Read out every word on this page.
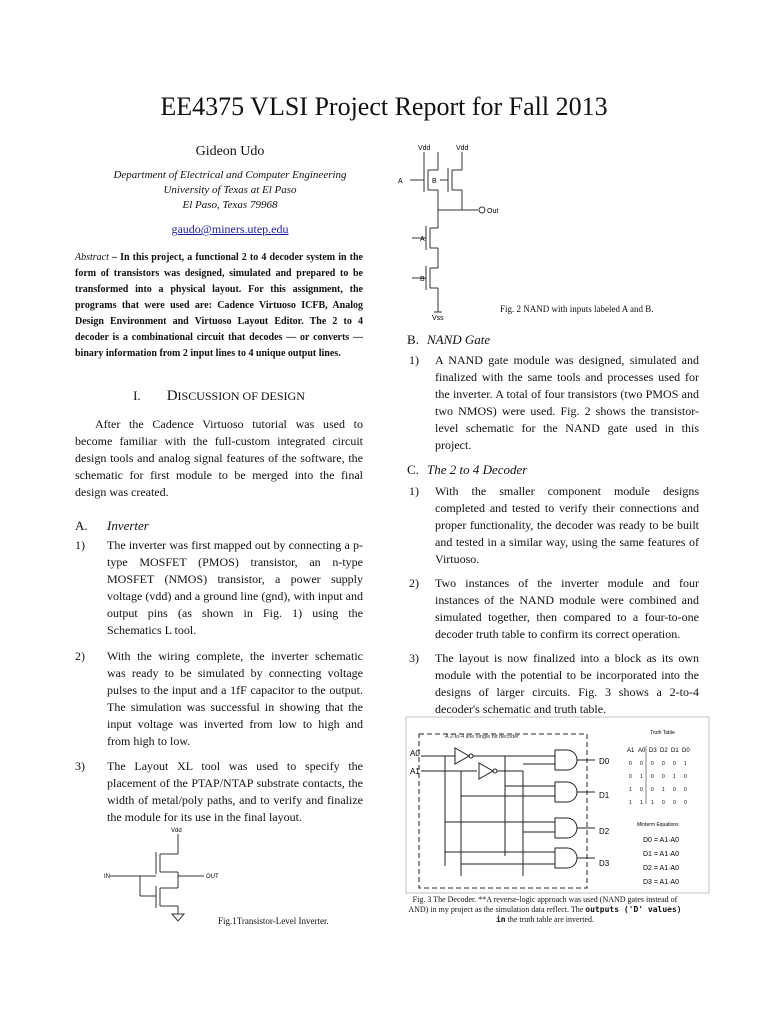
EE4375 VLSI Project Report for Fall 2013
Gideon Udo
Department of Electrical and Computer Engineering
University of Texas at El Paso
El Paso, Texas 79968
gaudo@miners.utep.edu
Abstract – In this project, a functional 2 to 4 decoder system in the form of transistors was designed, simulated and prepared to be transformed into a physical layout. For this assignment, the programs that were used are: Cadence Virtuoso ICFB, Analog Design Environment and Virtuoso Layout Editor. The 2 to 4 decoder is a combinational circuit that decodes — or converts — binary information from 2 input lines to 4 unique output lines.
I. DISCUSSION OF DESIGN
After the Cadence Virtuoso tutorial was used to become familiar with the full-custom integrated circuit design tools and analog signal features of the software, the schematic for first module to be merged into the final design was created.
A. Inverter
1) The inverter was first mapped out by connecting a p-type MOSFET (PMOS) transistor, an n-type MOSFET (NMOS) transistor, a power supply voltage (vdd) and a ground line (gnd), with input and output pins (as shown in Fig. 1) using the Schematics L tool.
2) With the wiring complete, the inverter schematic was ready to be simulated by connecting voltage pulses to the input and a 1fF capacitor to the output. The simulation was successful in showing that the input voltage was inverted from low to high and from high to low.
3) The Layout XL tool was used to specify the placement of the PTAP/NTAP substrate contacts, the width of metal/poly paths, and to verify and finalize the module for its use in the final layout.
Vdd
IN	OUT
Fig.1Transistor-Level Inverter.
Vdd	Vdd
A	B
Out
A
B
Vss
Fig. 2 NAND with inputs labeled A and B.
B. NAND Gate
1) A NAND gate module was designed, simulated and finalized with the same tools and processes used for the inverter. A total of four transistors (two PMOS and two NMOS) were used. Fig. 2 shows the transistor-level schematic for the NAND gate used in this project.
C. The 2 to 4 Decoder
1) With the smaller component module designs completed and tested to verify their connections and proper functionality, the decoder was ready to be built and tested in a similar way, using the same features of Virtuoso.
2) Two instances of the inverter module and four instances of the NAND module were combined and simulated together, then compared to a four-to-one decoder truth table to confirm its correct operation.
3) The layout is now finalized into a block as its own module with the potential to be incorporated into the designs of larger circuits. Fig. 3 shows a 2-to-4 decoder's schematic and truth table.
A 2-to-4 line single bit decoder
A0
A1
D0
D1
D2
D3
Truth Table
A1 A0 D3 D2 D1 D0
0 0 0 0 0 1
0 1 0 0 1 0
1 0 0 1 0 0
1 1 1 0 0 0
Minterm Equations
D0 = A1·A0
D1 = A1·A0
D2 = A1·A0
D3 = A1·A0
Fig. 3 The Decoder. **A reverse-logic approach was used (NAND gates instead of AND) in my project as the simulation data reflect. The outputs ('D' values) in the truth table are inverted.
